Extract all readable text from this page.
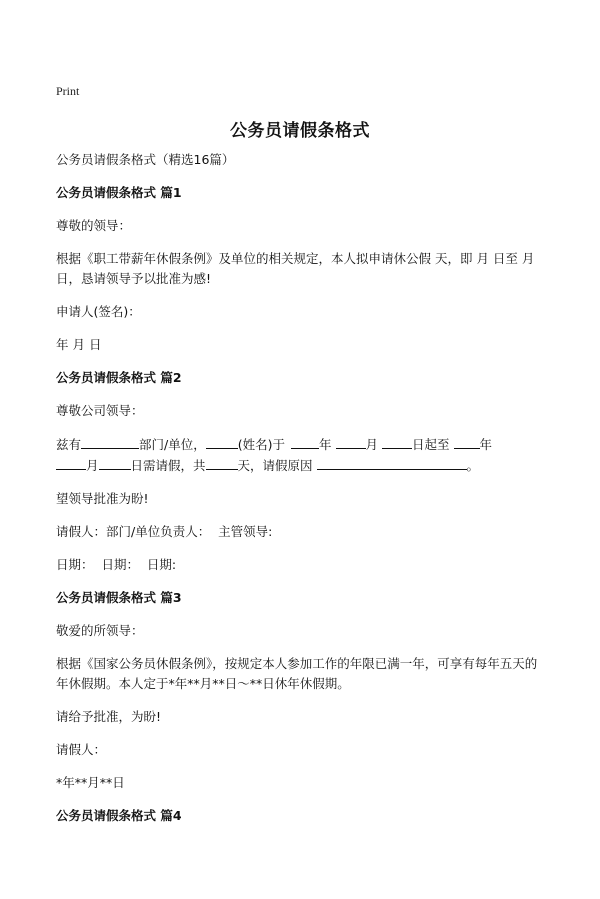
Print
公务员请假条格式
公务员请假条格式（精选16篇）
公务员请假条格式 篇1
尊敬的领导：
根据《职工带薪年休假条例》及单位的相关规定，本人拟申请休公假 天，即 月 日至 月 日，恳请领导予以批准为感!
申请人(签名)：
年 月 日
公务员请假条格式 篇2
尊敬公司领导：
兹有	部门/单位，	(姓名)于	年	月	日起至 年
月	日需请假，共	天，请假原因	。
望领导批准为盼!
请假人：部门/单位负责人：  主管领导:
日期：  日期：  日期:
公务员请假条格式 篇3
敬爱的所领导：
根据《国家公务员休假条例》，按规定本人参加工作的年限已满一年，可享有每年五天的年休假期。本人定于*年**月**日～**日休年休假期。
请给予批准，为盼!
请假人：
*年**月**日
公务员请假条格式 篇4
